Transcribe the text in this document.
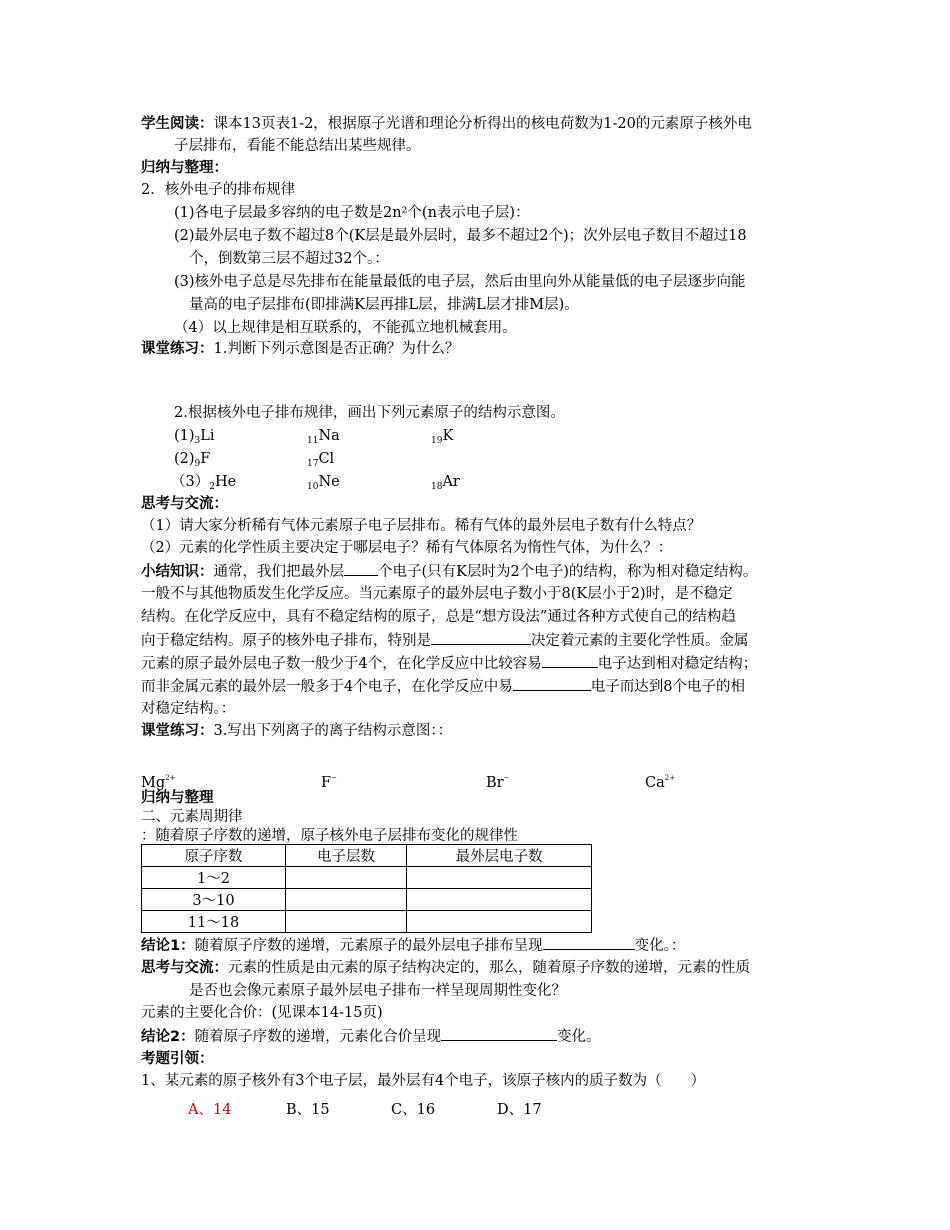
学生阅读：课本13页表1-2，根据原子光谱和理论分析得出的核电荷数为1-20的元素原子核外电
子层排布，看能不能总结出某些规律。
归纳与整理：
2．核外电子的排布规律
(1)各电子层最多容纳的电子数是2n²个(n表示电子层)：
(2)最外层电子数不超过8个(K层是最外层时，最多不超过2个)；次外层电子数目不超过18
个，倒数第三层不超过32个。：
(3)核外电子总是尽先排布在能量最低的电子层，然后由里向外从能量低的电子层逐步向能
量高的电子层排布(即排满K层再排L层，排满L层才排M层)。
（4）以上规律是相互联系的，不能孤立地机械套用。
课堂练习：1.判断下列示意图是否正确？为什么？
2.根据核外电子排布规律，画出下列元素原子的结构示意图。
$(1)_3Li$	$_{11}$Na	$_{19}$K
$(2)_9F$	$_{17}$Cl
$(3)_2He$	$_{10}$Ne	$_{18}$Ar
思考与交流：
（1）请大家分析稀有气体元素原子电子层排布。稀有气体的最外层电子数有什么特点？
（2）元素的化学性质主要决定于哪层电子？稀有气体原名为惰性气体，为什么？：
小结知识：通常，我们把最外层 个电子(只有K层时为2个电子)的结构，称为相对稳定结构。
一般不与其他物质发生化学反应。当元素原子的最外层电子数小于8(K层小于2)时，是不稳定
结构。在化学反应中，具有不稳定结构的原子，总是“想方设法”通过各种方式使自己的结构趋
向于稳定结构。原子的核外电子排布，特别是	决定着元素的主要化学性质。金属
元素的原子最外层电子数一般少于4个，在化学反应中比较容易	电子达到相对稳定结构；
而非金属元素的最外层一般多于4个电子，在化学反应中易	电子而达到8个电子的相
对稳定结构。：
课堂练习：3.写出下列离子的离子结构示意图：：
$Mg^{2+}$	F−	Br−	$Ca^{2+}$
归纳与整理
二、元素周期律
：随着原子序数的递增，原子核外电子层排布变化的规律性
原子序数	电子层数	最外层电子数
1～2		
3～10		
11～18		
结论1：随着原子序数的递增，元素原子的最外层电子排布呈现	变化。：
思考与交流：元素的性质是由元素的原子结构决定的，那么，随着原子序数的递增，元素的性质
是否也会像元素原子最外层电子排布一样呈现周期性变化？
元素的主要化合价：(见课本14-15页)
结论2：随着原子序数的递增，元素化合价呈现	变化。
考题引领：
1、某元素的原子核外有3个电子层，最外层有4个电子，该原子核内的质子数为（　　）
A、14	B、15	C、16	D、17
